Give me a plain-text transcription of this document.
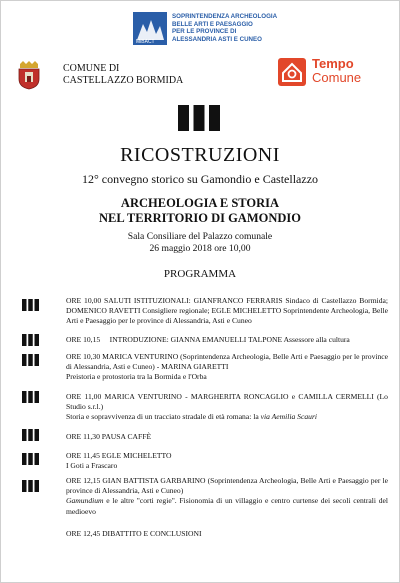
MiBACT
SOPRINTENDENZA ARCHEOLOGIA
BELLE ARTI E PAESAGGIO
PER LE PROVINCE DI
ALESSANDRIA ASTI E CUNEO
COMUNE DI
CASTELLAZZO BORMIDA
Tempo
Comune
RICOSTRUZIONI
12° convegno storico su Gamondio e Castellazzo
ARCHEOLOGIA E STORIA
NEL TERRITORIO DI GAMONDIO
Sala Consiliare del Palazzo comunale
26 maggio 2018 ore 10,00
PROGRAMMA
ORE 10,00 SALUTI ISTITUZIONALI: GIANFRANCO FERRARIS Sindaco di Castellazzo Bormida; DOMENICO RAVETTI Consigliere regionale; EGLE MICHELETTO Soprintendente Archeologia, Belle Arti e Paesaggio per le province di Alessandria, Asti e Cuneo
ORE 10,15 INTRODUZIONE: GIANNA EMANUELLI TALPONE Assessore alla cultura
ORE 10,30 MARICA VENTURINO (Soprintendenza Archeologia, Belle Arti e Paesaggio per le province di Alessandria, Asti e Cuneo) - MARINA GIARETTI
Preistoria e protostoria tra la Bormida e l'Orba
ORE 11,00 MARICA VENTURINO - MARGHERITA RONCAGLIO e CAMILLA CERMELLI (Lo Studio s.r.l.)
Storia e sopravvivenza di un tracciato stradale di età romana: la via Aemilia Scauri
ORE 11,30 PAUSA CAFFÈ
ORE 11,45 EGLE MICHELETTO
I Goti a Frascaro
ORE 12,15 GIAN BATTISTA GARBARINO (Soprintendenza Archeologia, Belle Arti e Paesaggio per le province di Alessandria, Asti e Cuneo)
Gamundium e le altre "corti regie". Fisionomia di un villaggio e centro curtense dei secoli centrali del medioevo
ORE 12,45 DIBATTITO E CONCLUSIONI
